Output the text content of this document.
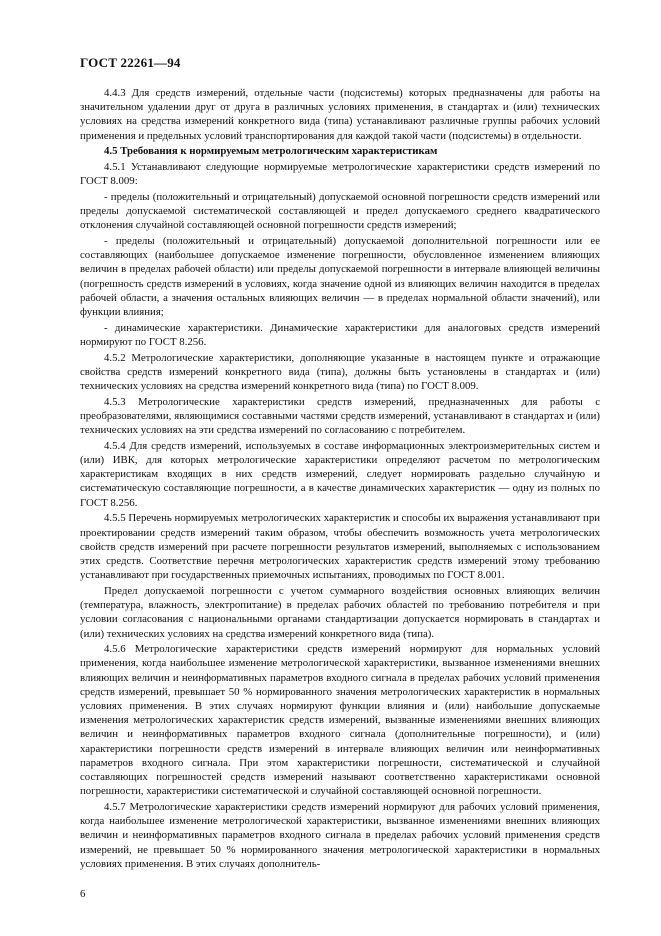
ГОСТ 22261—94

4.4.3 Для средств измерений, отдельные части (подсистемы) которых предназначены для работы на значительном удалении друг от друга в различных условиях применения, в стандартах и (или) технических условиях на средства измерений конкретного вида (типа) устанавливают различные группы рабочих условий применения и предельных условий транспортирования для каждой такой части (подсистемы) в отдельности.

4.5 Требования к нормируемым метрологическим характеристикам

4.5.1 Устанавливают следующие нормируемые метрологические характеристики средств измерений по ГОСТ 8.009:

- пределы (положительный и отрицательный) допускаемой основной погрешности средств измерений или пределы допускаемой систематической составляющей и предел допускаемого среднего квадратического отклонения случайной составляющей основной погрешности средств измерений;

- пределы (положительный и отрицательный) допускаемой дополнительной погрешности или ее составляющих (наибольшее допускаемое изменение погрешности, обусловленное изменением влияющих величин в пределах рабочей области) или пределы допускаемой погрешности в интервале влияющей величины (погрешность средств измерений в условиях, когда значение одной из влияющих величин находится в пределах рабочей области, а значения остальных влияющих величин — в пределах нормальной области значений), или функции влияния;

- динамические характеристики. Динамические характеристики для аналоговых средств измерений нормируют по ГОСТ 8.256.

4.5.2 Метрологические характеристики, дополняющие указанные в настоящем пункте и отражающие свойства средств измерений конкретного вида (типа), должны быть установлены в стандартах и (или) технических условиях на средства измерений конкретного вида (типа) по ГОСТ 8.009.

4.5.3 Метрологические характеристики средств измерений, предназначенных для работы с преобразователями, являющимися составными частями средств измерений, устанавливают в стандартах и (или) технических условиях на эти средства измерений по согласованию с потребителем.

4.5.4 Для средств измерений, используемых в составе информационных электроизмерительных систем и (или) ИВК, для которых метрологические характеристики определяют расчетом по метрологическим характеристикам входящих в них средств измерений, следует нормировать раздельно случайную и систематическую составляющие погрешности, а в качестве динамических характеристик — одну из полных по ГОСТ 8.256.

4.5.5 Перечень нормируемых метрологических характеристик и способы их выражения устанавливают при проектировании средств измерений таким образом, чтобы обеспечить возможность учета метрологических свойств средств измерений при расчете погрешности результатов измерений, выполняемых с использованием этих средств. Соответствие перечня метрологических характеристик средств измерений этому требованию устанавливают при государственных приемочных испытаниях, проводимых по ГОСТ 8.001.

Предел допускаемой погрешности с учетом суммарного воздействия основных влияющих величин (температура, влажность, электропитание) в пределах рабочих областей по требованию потребителя и при условии согласования с национальными органами стандартизации допускается нормировать в стандартах и (или) технических условиях на средства измерений конкретного вида (типа).

4.5.6 Метрологические характеристики средств измерений нормируют для нормальных условий применения, когда наибольшее изменение метрологической характеристики, вызванное изменениями внешних влияющих величин и неинформативных параметров входного сигнала в пределах рабочих условий применения средств измерений, превышает 50 % нормированного значения метрологических характеристик в нормальных условиях применения. В этих случаях нормируют функции влияния и (или) наибольшие допускаемые изменения метрологических характеристик средств измерений, вызванные изменениями внешних влияющих величин и неинформативных параметров входного сигнала (дополнительные погрешности), и (или) характеристики погрешности средств измерений в интервале влияющих величин или неинформативных параметров входного сигнала. При этом характеристики погрешности, систематической и случайной составляющих погрешностей средств измерений называют соответственно характеристиками основной погрешности, характеристики систематической и случайной составляющей основной погрешности.

4.5.7 Метрологические характеристики средств измерений нормируют для рабочих условий применения, когда наибольшее изменение метрологической характеристики, вызванное изменениями внешних влияющих величин и неинформативных параметров входного сигнала в пределах рабочих условий применения средств измерений, не превышает 50 % нормированного значения метрологической характеристики в нормальных условиях применения. В этих случаях дополнитель-

6
